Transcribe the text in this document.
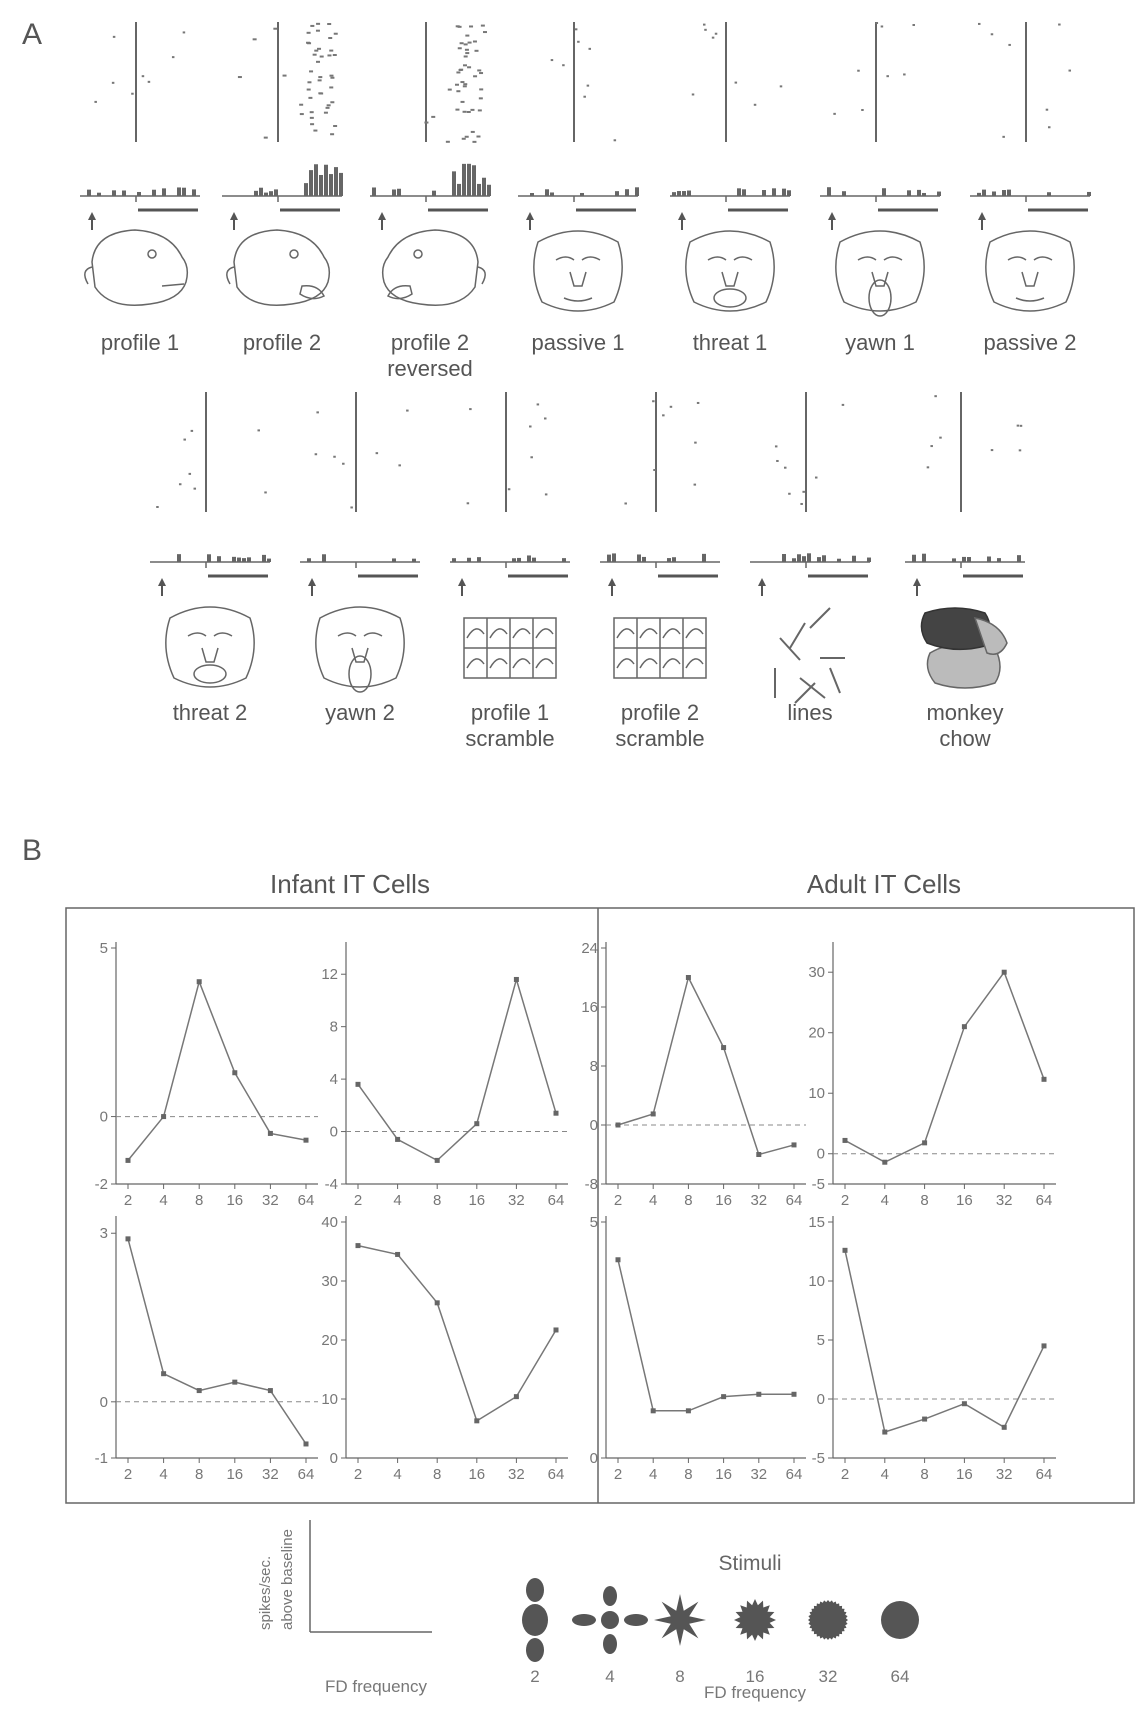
A
profile 1	profile 2	profile 2
reversed
passive 1	threat 1	yawn 1	passive 2
threat 2	yawn 2	profile 1
scramble
profile 2
scramble
lines	monkey
chow
B
Infant IT Cells	Adult IT Cells
5
0
-2
2 4 8 16 32 64
12
8
4
0
-4
2 4 8 16 32 64
24
16
8
0
-8
2 4 8 16 32 64
30
20
10
0
-5
2 4 8 16 32 64
3
0
-1
2 4 8 16 32 64
40
30
20
10
0
2 4 8 16 32 64
5
0
2 4 8 16 32 64
15
10
5
0
-5
2 4 8 16 32 64
spikes/sec. above baseline
FD frequency
Stimuli
2	4	8	16	32	64
FD frequency
